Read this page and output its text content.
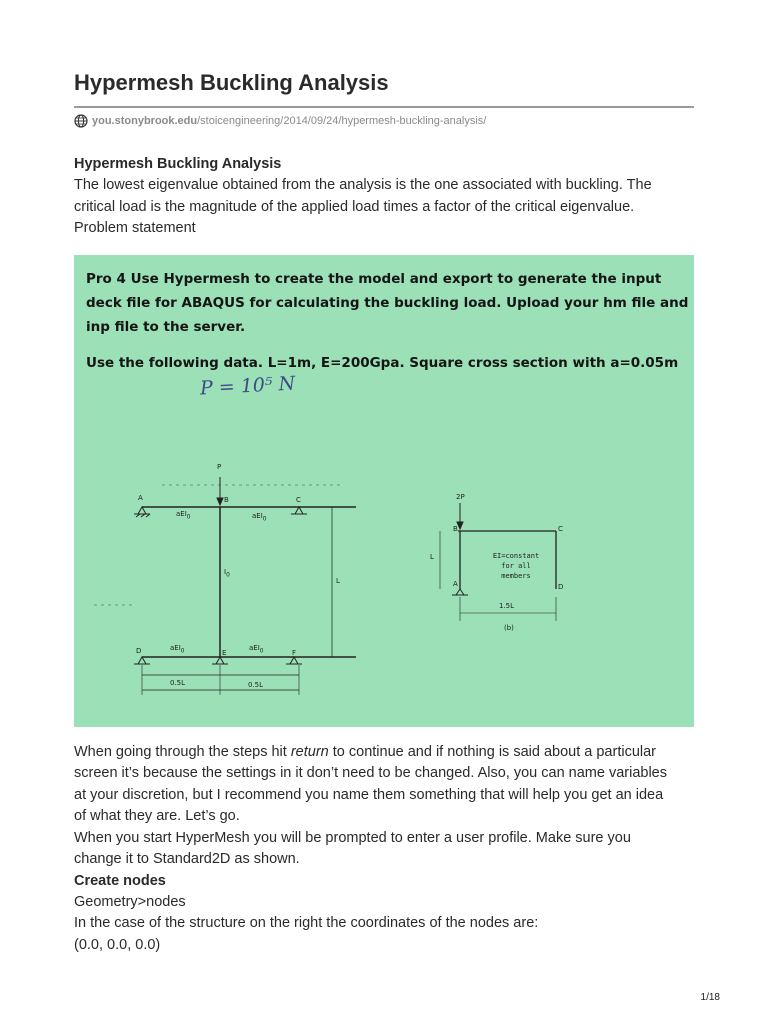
Hypermesh Buckling Analysis
you.stonybrook.edu /stoicengineering/2014/09/24/hypermesh-buckling-analysis/

Hypermesh Buckling Analysis

The lowest eigenvalue obtained from the analysis is the one associated with buckling. The

critical load is the magnitude of the applied load times a factor of the critical eigenvalue.

Problem statement

Pro 4 Use Hypermesh to create the model and export to generate the input
deck file for ABAQUS for calculating the buckling load. Upload your hm file and
inp file to the server.
Use the following data. L=1m, E=200Gpa. Square cross section with a=0.05m
P = 10⁵ N
P
A	B	C
aEI$_0$	aEI$_0$
$I_0$
L
D	aEI$_0$	E
aEI$_0$	F
0.5L	0.5L
2P
B	C
L	EI=constant
for all
members
A	D
1.5L
(b)

When going through the steps hit return to continue and if nothing is said about a particular

screen it’s because the settings in it don’t need to be changed. Also, you can name variables

at your discretion, but I recommend you name them something that will help you get an idea

of what they are. Let’s go.

When you start HyperMesh you will be prompted to enter a user profile. Make sure you

change it to Standard2D as shown.

Create nodes

Geometry>nodes

In the case of the structure on the right the coordinates of the nodes are:

(0.0, 0.0, 0.0)

1/18
